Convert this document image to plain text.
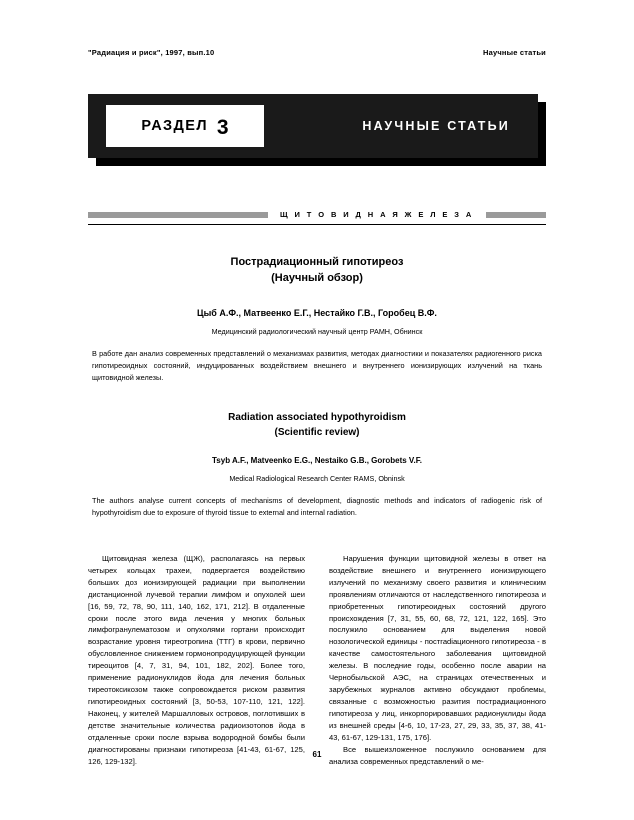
"Радиация и риск", 1997, вып.10	Научные статьи
РАЗДЕЛ 3	НАУЧНЫЕ СТАТЬИ
Щ И Т О В И Д Н А Я Ж Е Л Е З А
Пострадиационный гипотиреоз
(Научный обзор)
Цыб А.Ф., Матвеенко Е.Г., Нестайко Г.В., Горобец В.Ф.
Медицинский радиологический научный центр РАМН, Обнинск
В работе дан анализ современных представлений о механизмах развития, методах диагностики и показателях радиогенного риска гипотиреоидных состояний, индуцированных воздействием внешнего и внутреннего ионизирующих излучений на ткань щитовидной железы.
Radiation associated hypothyroidism
(Scientific review)
Tsyb A.F., Matveenko E.G., Nestaiko G.B., Gorobets V.F.
Medical Radiological Research Center RAMS, Obninsk
The authors analyse current concepts of mechanisms of development, diagnostic methods and indicators of radiogenic risk of hypothyroidism due to exposure of thyroid tissue to external and internal radiation.

Щитовидная железа (ЩЖ), располагаясь на первых четырех кольцах трахеи, подвергается воздействию больших доз ионизирующей радиации при выполнении дистанционной лучевой терапии лимфом и опухолей шеи [16, 59, 72, 78, 90, 111, 140, 162, 171, 212]. В отдаленные сроки после этого вида лечения у многих больных лимфогранулематозом и опухолями гортани происходит возрастание уровня тиреотропина (ТТГ) в крови, первично обусловленное снижением гормонопродуцирующей функции тиреоцитов [4, 7, 31, 94, 101, 182, 202]. Более того, применение радионуклидов йода для лечения больных тиреотоксикозом также сопровождается риском развития гипотиреоидных состояний [3, 50-53, 107-110, 121, 122]. Наконец, у жителей Маршалловых островов, поглотивших в детстве значительные количества радиоизотопов йода в отдаленные сроки после взрыва водородной бомбы были диагностированы признаки гипотиреоза [41-43, 61-67, 125, 126, 129-132].

Нарушения функции щитовидной железы в ответ на воздействие внешнего и внутреннего ионизирующего излучений по механизму своего развития и клиническим проявлениям отличаются от наследственного гипотиреоза и приобретенных гипотиреоидных состояний другого происхождения [7, 31, 55, 60, 68, 72, 121, 122, 165]. Это послужило основанием для выделения новой нозологической единицы - постradiационного гипотиреоза - в качестве самостоятельного заболевания щитовидной железы. В последние годы, особенно после аварии на Чернобыльской АЭС, на страницах отечественных и зарубежных журналов активно обсуждают проблемы, связанные с возможностью разития пострадиационного гипотиреоза у лиц, инкорпорировавших радионуклиды йода из внешней среды [4-6, 10, 17-23, 27, 29, 33, 35, 37, 38, 41-43, 61-67, 129-131, 175, 176].

Все вышеизложенное послужило основанием для анализа современных представлений о ме-

61
